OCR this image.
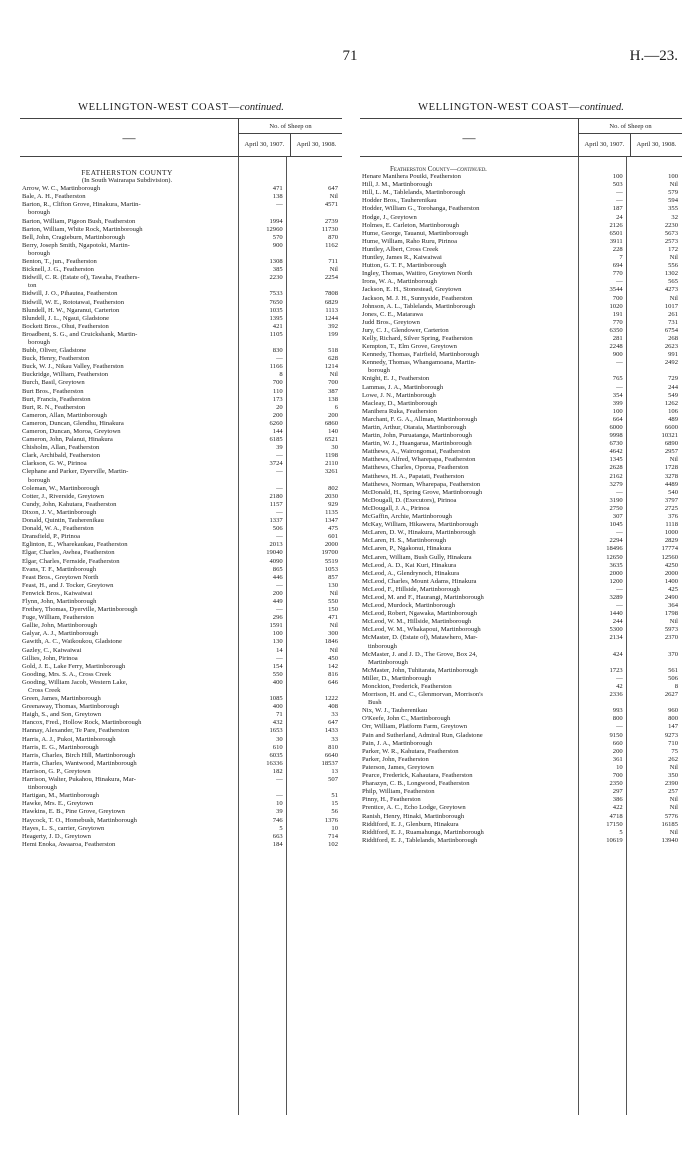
71	H.—23.
WELLINGTON-WEST COAST—continued.
—	No. of Sheep on	
	April 30, 1907.	April 30, 1908.
FEATHERSTON COUNTY
(In South Wairarapa Subdivision).
Arrow, W. C., Martinborough	471	647
Bale, A. H., Featherston	138	Nil
Barton, R., Clifton Grove, Hinakura, Martin-	—	4571
borough
Barton, William, Pigeon Bush, Featherston	1994	2739
Barton, William, White Rock, Martinborough	12960	11730
Bell, John, Cragieburn, Martinborough	570	870
Berry, Joseph Smith, Ngapotoki, Martin-	900	1162
borough
Benton, T., jun., Featherston	1308	711
Bicknell, J. G., Featherston	385	Nil
Bidwill, C. R. (Estate of), Tawaha, Feathers-	2230	2254
ton
Bidwill, J. O., Pihautea, Featherston	7533	7808
Bidwill, W. E., Rototawai, Featherston	7650	6829
Blundell, H. W., Ngaranui, Carterton	1035	1113
Blundell, J. L., Ngaui, Gladstone	1395	1244
Bockett Bros., Ohui, Featherston	421	392
Broadbent, S. G., and Cruickshank, Martin-	1105	199
borough
Bubb, Oliver, Gladstone	830	518
Buck, Henry, Featherston	—	628
Buck, W. J., Nikau Valley, Featherston	1166	1214
Buckridge, William, Featherston	8	Nil
Burch, Basil, Greytown	700	700
Burt Bros., Featherston	110	387
Burt, Francis, Featherston	173	138
Burt, R. N., Featherston	20	6
Cameron, Allan, Martinborough	200	200
Cameron, Duncan, Glendhu, Hinakura	6260	6860
Cameron, Duncan, Moroa, Greytown	144	140
Cameron, John, Palanui, Hinakura	6185	6521
Chisholm, Allan, Featherston	39	30
Clark, Archibald, Featherston	—	1198
Clarkson, G. W., Pirinoa	3724	2110
Clephane and Parker, Dyerville, Martin-	—	3261
borough
Coleman, W., Martinborough	—	802
Cotter, J., Riverside, Greytown	2180	2030
Cundy, John, Kahutara, Featherston	1157	929
Dixon, J. V., Martinborough	—	1135
Donald, Quintin, Tauherenikau	1337	1347
Donald, W. A., Featherston	506	475
Dransfield, P., Pirinoa	—	601
Eglinton, E., Wharekaukau, Featherston	2013	2000
Elgar, Charles, Awhea, Featherston	19040	19700
Elgar, Charles, Fernside, Featherston	4090	5519
Evans, T. F., Martinborough	865	1053
Feast Bros., Greytown North	446	857
Feast, H., and J. Tocker, Greytown	—	130
Fenwick Bros., Kaiwaiwai	200	Nil
Flynn, John, Martinborough	449	550
Frethey, Thomas, Dyerville, Martinborough	—	150
Fuge, William, Featherston	296	471
Gallie, John, Martinborough	1591	Nil
Galyar, A. J., Martinborough	100	300
Gawith, A. C., Waikoukou, Gladstone	130	1846
Gazley, C., Kaiwaiwai	14	Nil
Gillies, John, Pirinoa	—	450
Gold, J. E., Lake Ferry, Martinborough	154	142
Gooding, Mrs. S. A., Cross Creek	550	816
Gooding, William Jacob, Western Lake,	400	646
Cross Creek
Green, James, Martinborough	1085	1222
Greenaway, Thomas, Martinborough	400	408
Haigh, S., and Son, Greytown	71	33
Hancox, Fred., Hollow Rock, Martinborough	432	647
Hannay, Alexander, Te Pare, Featherston	1653	1433
Harris, A. J., Pukoi, Martinborough	30	33
Harris, E. G., Martinborough	610	810
Harris, Charles, Birch Hill, Martinborough	6035	6640
Harris, Charles, Wantwood, Martinborough	16336	18537
Harrison, G. P., Greytown	182	13
Harrison, Walter, Pukahou, Hinakura, Mar-	—	507
tinborough
Hartigan, M., Martinborough	—	51
Hawke, Mrs. E., Greytown	10	15
Hawkins, E. B., Pine Grove, Greytown	39	56
Haycock, T. O., Homebush, Martinborough	746	1376
Hayes, L. S., carrier, Greytown	5	10
Heagerty, J. D., Greytown	663	714
Hemi Enoka, Awaaroa, Featherston	184	102
WELLINGTON-WEST COAST—continued.
—	No. of Sheep on	
	April 30, 1907.	April 30, 1908.
Featherston County—continued.
Henare Manihera Pouiki, Featherston	100	100
Hill, J. M., Martinborough	503	Nil
Hill, L. M., Tablelands, Martinborough	—	579
Hodder Bros., Tauherenikau	—	594
Hodder, William G., Torohanga, Featherston	187	355
Hodge, J., Greytown	24	32
Holmes, E. Carleton, Martinborough	2126	2230
Hume, George, Tauanui, Martinborough	6501	5673
Hume, William, Raho Ruru, Pirinoa	3911	2573
Huntley, Albert, Cross Creek	228	172
Huntley, James R., Kaiwaiwai	7	Nil
Hutton, G. T. F., Martinborough	694	556
Ingley, Thomas, Waitiro, Greytown North	770	1302
Irons, W. A., Martinborough	—	565
Jackson, E. H., Stonestead, Greytown	3544	4273
Jackson, M. J. H., Sunnyside, Featherston	700	Nil
Johnson, A. L., Tablelands, Martinborough	1020	1017
Jones, C. E., Matarawa	191	261
Judd Bros., Greytown	770	731
Jury, C. J., Glendower, Carterton	6350	6754
Kelly, Richard, Silver Spring, Featherston	281	268
Kempton, T., Elm Grove, Greytown	2248	2623
Kennedy, Thomas, Fairfield, Martinborough	900	991
Kennedy, Thomas, Whangamoana, Martin-	—	2492
borough
Knight, E. J., Featherston	765	729
Lammas, J. A., Martinborough	—	244
Lowe, J. N., Martinborough	354	549
Macleay, D., Martinborough	399	1262
Manihera Ruka, Featherston	100	106
Marchant, F. G. A., Allman, Martinborough	664	489
Martin, Arthur, Otaraia, Martinborough	6000	6600
Martin, John, Puruatanga, Martinborough	9998	10321
Martin, W. J., Huangarua, Martinborough	6730	6890
Matthews, A., Wairongomai, Featherston	4642	2957
Matthews, Alfred, Wharepapa, Featherston	1345	Nil
Matthews, Charles, Oporua, Featherston	2628	1728
Matthews, H. A., Papatati, Featherston	2162	3278
Matthews, Norman, Wharepapa, Featherston	3279	4489
McDonald, H., Spring Grove, Martinborough	—	540
McDougall, D. (Executors), Pirinoa	3190	3797
McDougall, J. A., Pirinoa	2750	2725
McGaffin, Archie, Martinborough	307	376
McKay, William, Hikawera, Martinborough	1045	1118
McLaren, D. W., Hinakura, Martinborough	—	1000
McLaren, H. S., Martinborough	2294	2829
McLaren, P., Ngakonui, Hinakura	18496	17774
McLaren, William, Bush Gully, Hinakura	12650	12560
McLeod, A. D., Kai Kuri, Hinakura	3635	4250
McLeod, A., Glendrynoch, Hinakura	2000	2000
McLeod, Charles, Mount Adams, Hinakura	1200	1400
McLeod, F., Hillside, Martinborough	—	425
McLeod, M. and F., Haurangi, Martinborough	3289	2490
McLeod, Murdock, Martinborough	—	364
McLeod, Robert, Ngawaka, Martinborough	1440	1798
McLeod, W. M., Hillside, Martinborough	244	Nil
McLeod, W. M., Whakapoui, Martinborough	5300	5973
McMaster, D. (Estate of), Matawhero, Mar-	2134	2370
tinborough
McMaster, J. and J. D., The Grove, Box 24,	424	370
Martinborough
McMaster, John, Tuhitarata, Martinborough	1723	561
Miller, D., Martinborough	—	506
Monckton, Frederick, Featherston	42	8
Morrison, H. and C., Glenmorvan, Morrison's	2336	2627
Bush
Nix, W. J., Tauherenikau	993	960
O'Keefe, John C., Martinborough	800	800
Orr, William, Platform Farm, Greytown	—	147
Pain and Sutherland, Admiral Run, Gladstone	9150	9273
Pain, J. A., Martinborough	660	710
Parker, W. R., Kahutara, Featherston	200	75
Parker, John, Featherston	361	262
Paterson, James, Greytown	10	Nil
Pearce, Frederick, Kahautara, Featherston	700	350
Pharazyn, C. B., Longwood, Featherston	2350	2390
Philp, William, Featherston	297	257
Pinny, H., Featherston	386	Nil
Prentice, A. C., Echo Lodge, Greytown	422	Nil
Ranish, Henry, Hinaki, Martinborough	4718	5776
Riddiford, E. J., Glenburn, Hinakura	17150	16185
Riddiford, E. J., Ruamahunga, Martinborough	5	Nil
Riddiford, E. J., Tablelands, Martinborough	10619	13940
